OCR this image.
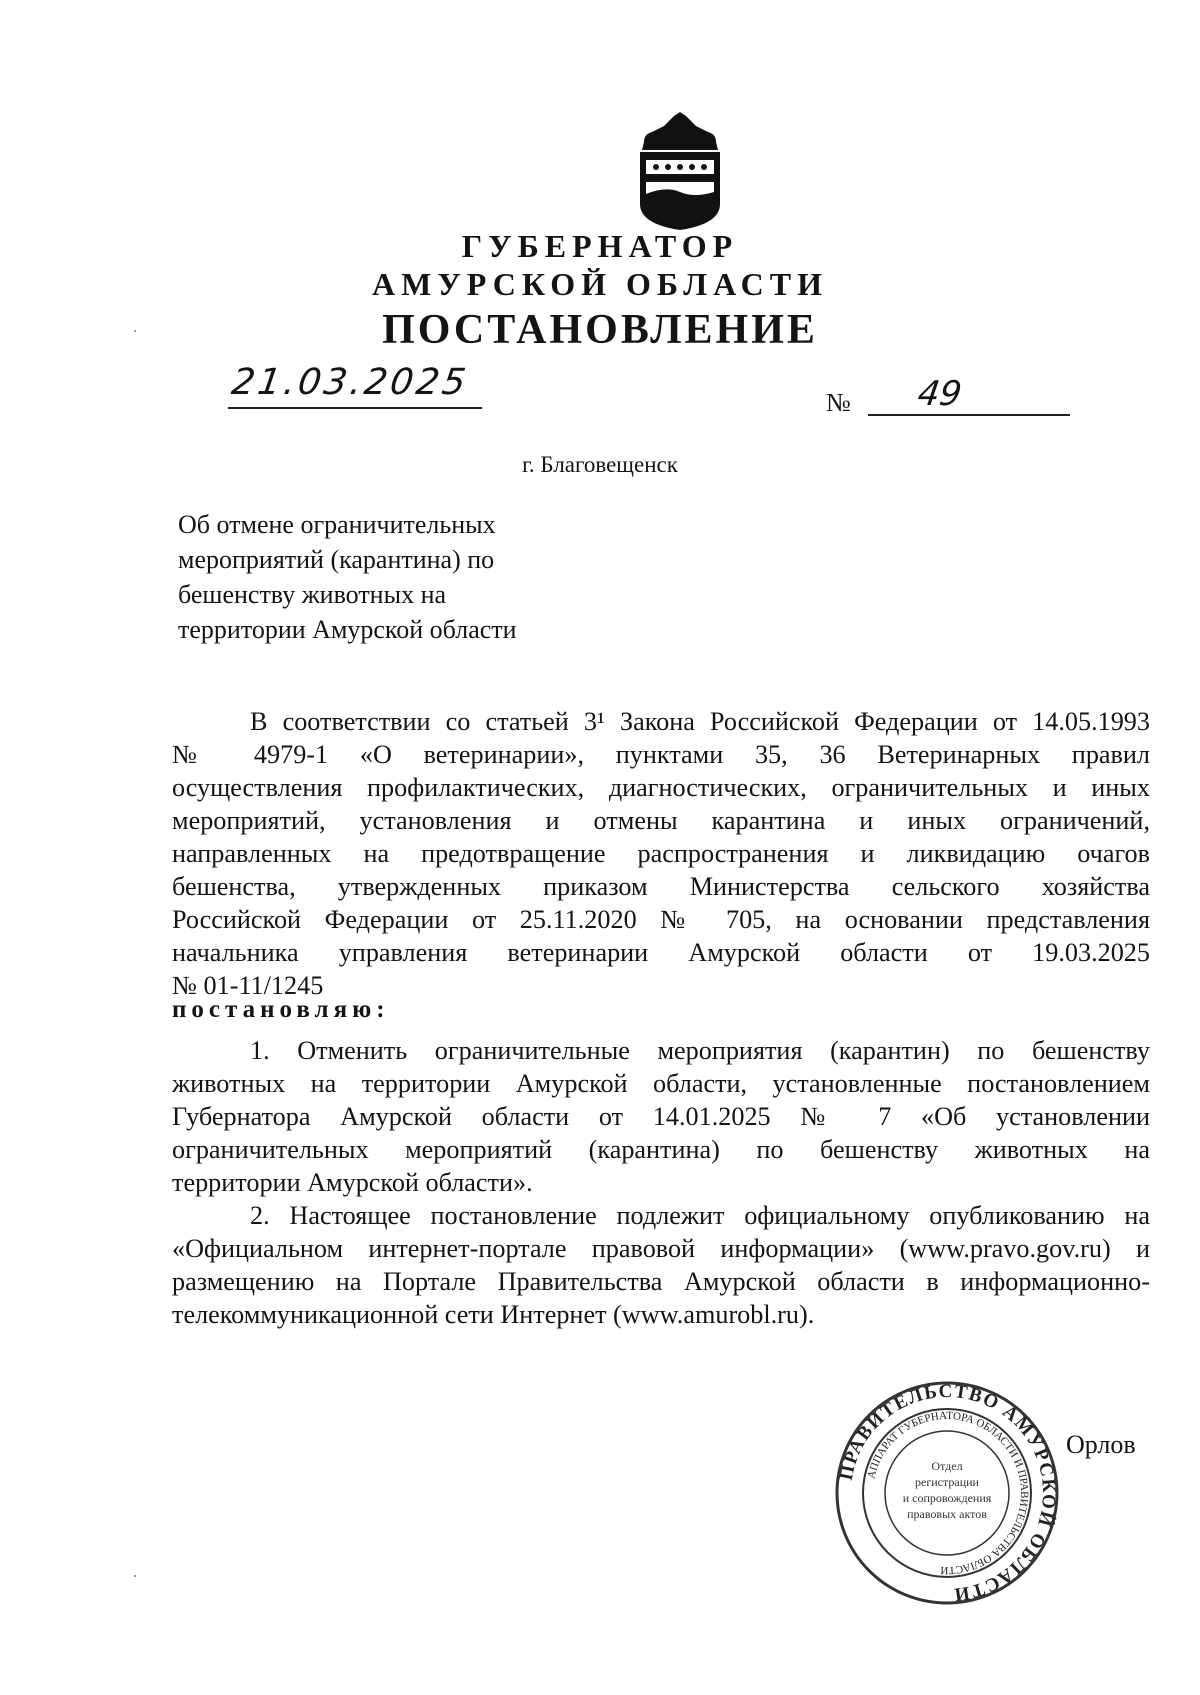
ГУБЕРНАТОР
АМУРСКОЙ ОБЛАСТИ
ПОСТАНОВЛЕНИЕ
21.03.2025	№ 49
г. Благовещенск
Об отмене ограничительных
мероприятий (карантина) по
бешенству животных на
территории Амурской области
В соответствии со статьей 3¹ Закона Российской Федерации от 14.05.1993
№ 4979-1 «О ветеринарии», пунктами 35, 36 Ветеринарных правил
осуществления профилактических, диагностических, ограничительных и иных
мероприятий, установления и отмены карантина и иных ограничений,
направленных на предотвращение распространения и ликвидацию очагов
бешенства, утвержденных приказом Министерства сельского хозяйства
Российской Федерации от 25.11.2020 № 705, на основании представления
начальника управления ветеринарии Амурской области от 19.03.2025
№ 01-11/1245
постановляю:
1. Отменить ограничительные мероприятия (карантин) по бешенству
животных на территории Амурской области, установленные постановлением
Губернатора Амурской области от 14.01.2025 № 7 «Об установлении
ограничительных мероприятий (карантина) по бешенству животных на
территории Амурской области».
2. Настоящее постановление подлежит официальному опубликованию на
«Официальном интернет-портале правовой информации» (www.pravo.gov.ru) и
размещению на Портале Правительства Амурской области в информационно-
телекоммуникационной сети Интернет (www.amurobl.ru).
ПРАВИТЕЛЬСТВО АМУРСКОЙ ОБЛАСТИ
АППАРАТ ГУБЕРНАТОРА ОБЛАСТИ И ПРАВИТЕЛЬСТВА ОБЛАСТИ
Отдел
регистрации
и сопровождения
правовых актов
Орлов
